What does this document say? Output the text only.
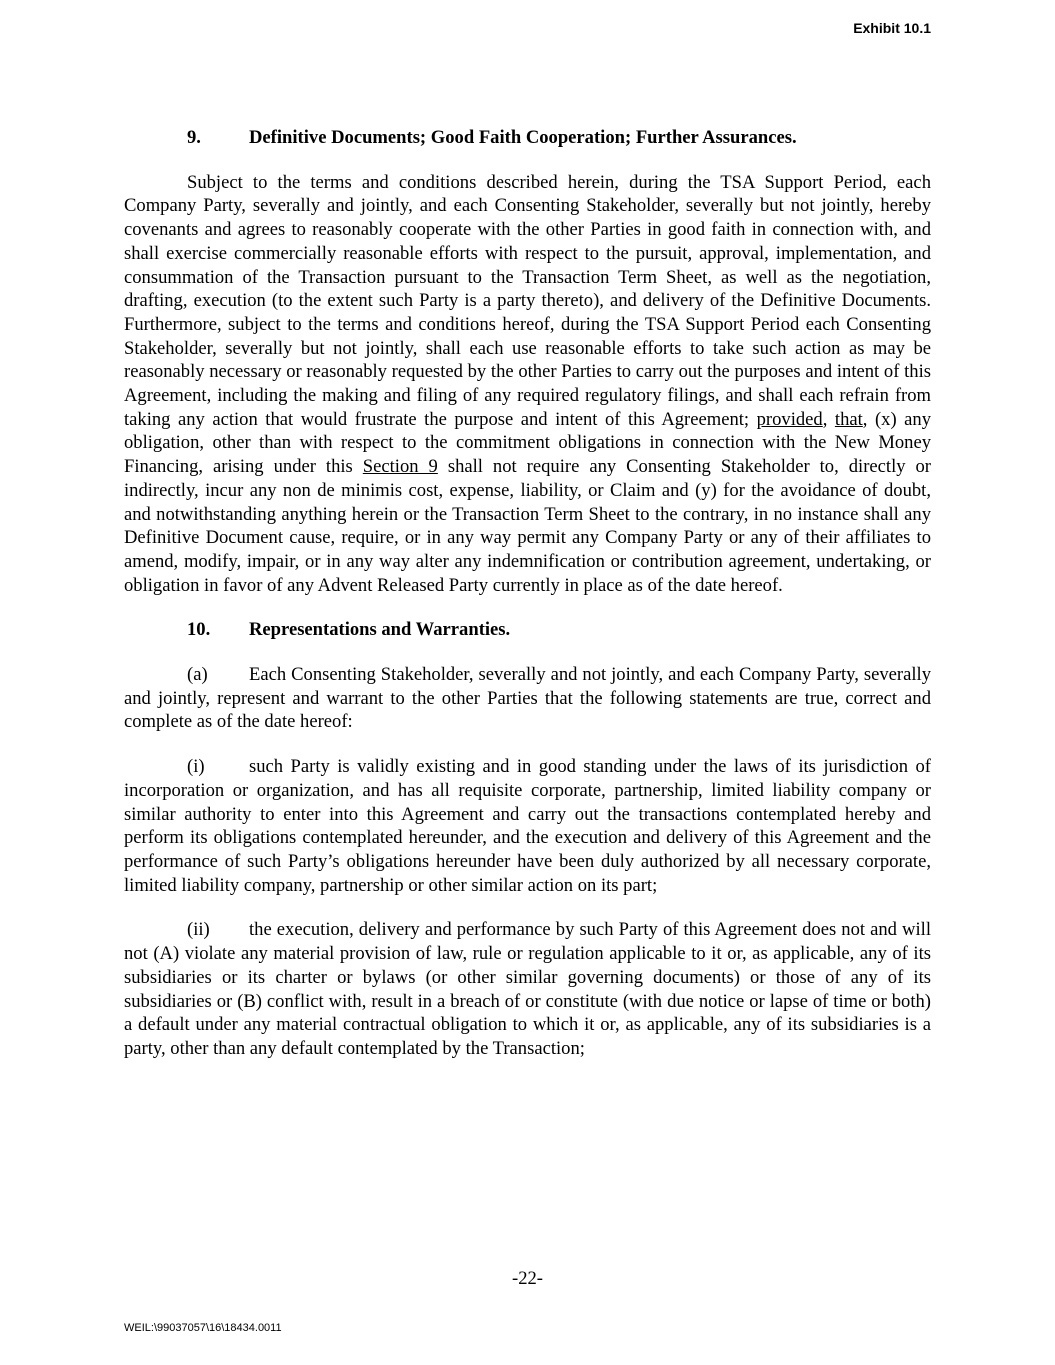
Exhibit 10.1
9.	Definitive Documents; Good Faith Cooperation; Further Assurances.

Subject to the terms and conditions described herein, during the TSA Support Period, each Company Party, severally and jointly, and each Consenting Stakeholder, severally but not jointly, hereby covenants and agrees to reasonably cooperate with the other Parties in good faith in connection with, and shall exercise commercially reasonable efforts with respect to the pursuit, approval, implementation, and consummation of the Transaction pursuant to the Transaction Term Sheet, as well as the negotiation, drafting, execution (to the extent such Party is a party thereto), and delivery of the Definitive Documents. Furthermore, subject to the terms and conditions hereof, during the TSA Support Period each Consenting Stakeholder, severally but not jointly, shall each use reasonable efforts to take such action as may be reasonably necessary or reasonably requested by the other Parties to carry out the purposes and intent of this Agreement, including the making and filing of any required regulatory filings, and shall each refrain from taking any action that would frustrate the purpose and intent of this Agreement; provided, that, (x) any obligation, other than with respect to the commitment obligations in connection with the New Money Financing, arising under this Section 9 shall not require any Consenting Stakeholder to, directly or indirectly, incur any non de minimis cost, expense, liability, or Claim and (y) for the avoidance of doubt, and notwithstanding anything herein or the Transaction Term Sheet to the contrary, in no instance shall any Definitive Document cause, require, or in any way permit any Company Party or any of their affiliates to amend, modify, impair, or in any way alter any indemnification or contribution agreement, undertaking, or obligation in favor of any Advent Released Party currently in place as of the date hereof.

10. Representations and Warranties.

(a) Each Consenting Stakeholder, severally and not jointly, and each Company Party, severally and jointly, represent and warrant to the other Parties that the following statements are true, correct and complete as of the date hereof:

(i) such Party is validly existing and in good standing under the laws of its jurisdiction of incorporation or organization, and has all requisite corporate, partnership, limited liability company or similar authority to enter into this Agreement and carry out the transactions contemplated hereby and perform its obligations contemplated hereunder, and the execution and delivery of this Agreement and the performance of such Party’s obligations hereunder have been duly authorized by all necessary corporate, limited liability company, partnership or other similar action on its part;

(ii) the execution, delivery and performance by such Party of this Agreement does not and will not (A) violate any material provision of law, rule or regulation applicable to it or, as applicable, any of its subsidiaries or its charter or bylaws (or other similar governing documents) or those of any of its subsidiaries or (B) conflict with, result in a breach of or constitute (with due notice or lapse of time or both) a default under any material contractual obligation to which it or, as applicable, any of its subsidiaries is a party, other than any default contemplated by the Transaction;

-22-
WEIL:\99037057\16\18434.0011
